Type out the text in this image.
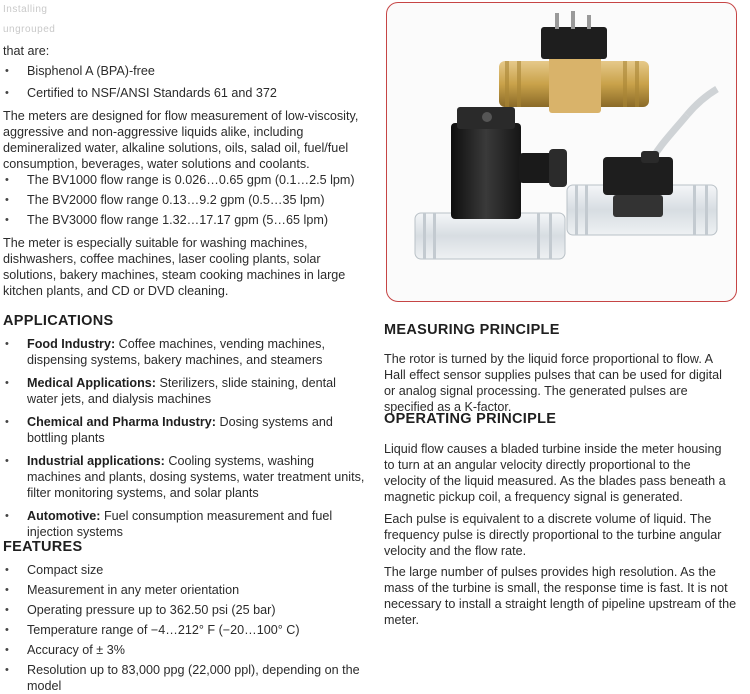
Installing
ungrouped

that are:

• Bisphenol A (BPA)-free
• Certified to NSF/ANSI Standards 61 and 372

The meters are designed for flow measurement of low-viscosity, aggressive and non-aggressive liquids alike, including demineralized water, alkaline solutions, oils, salad oil, fuel/fuel consumption, beverages, water solutions and coolants.

• The BV1000 flow range is 0.026…0.65 gpm (0.1…2.5 lpm)
• The BV2000 flow range 0.13…9.2 gpm (0.5…35 lpm)
• The BV3000 flow range 1.32…17.17 gpm (5…65 lpm)

The meter is especially suitable for washing machines, dishwashers, coffee machines, laser cooling plants, solar solutions, bakery machines, steam cooking machines in large kitchen plants, and CD or DVD cleaning.

APPLICATIONS
• Food Industry: Coffee machines, vending machines, dispensing systems, bakery machines, and steamers
• Medical Applications: Sterilizers, slide staining, dental water jets, and dialysis machines
• Chemical and Pharma Industry: Dosing systems and bottling plants
• Industrial applications: Cooling systems, washing machines and plants, dosing systems, water treatment units, filter monitoring systems, and solar plants
• Automotive: Fuel consumption measurement and fuel injection systems
FEATURES
• Compact size
• Measurement in any meter orientation
• Operating pressure up to 362.50 psi (25 bar)
• Temperature range of −4…212° F (−20…100° C)
• Accuracy of ± 3%
• Resolution up to 83,000 ppg (22,000 ppl), depending on the model
MEASURING PRINCIPLE

The rotor is turned by the liquid force proportional to flow. A Hall effect sensor supplies pulses that can be used for digital or analog signal processing. The generated pulses are specified as a K-factor.

OPERATING PRINCIPLE

Liquid flow causes a bladed turbine inside the meter housing to turn at an angular velocity directly proportional to the velocity of the liquid measured. As the blades pass beneath a magnetic pickup coil, a frequency signal is generated.

Each pulse is equivalent to a discrete volume of liquid. The frequency pulse is directly proportional to the turbine angular velocity and the flow rate.

The large number of pulses provides high resolution. As the mass of the turbine is small, the response time is fast. It is not necessary to install a straight length of pipeline upstream of the meter.
